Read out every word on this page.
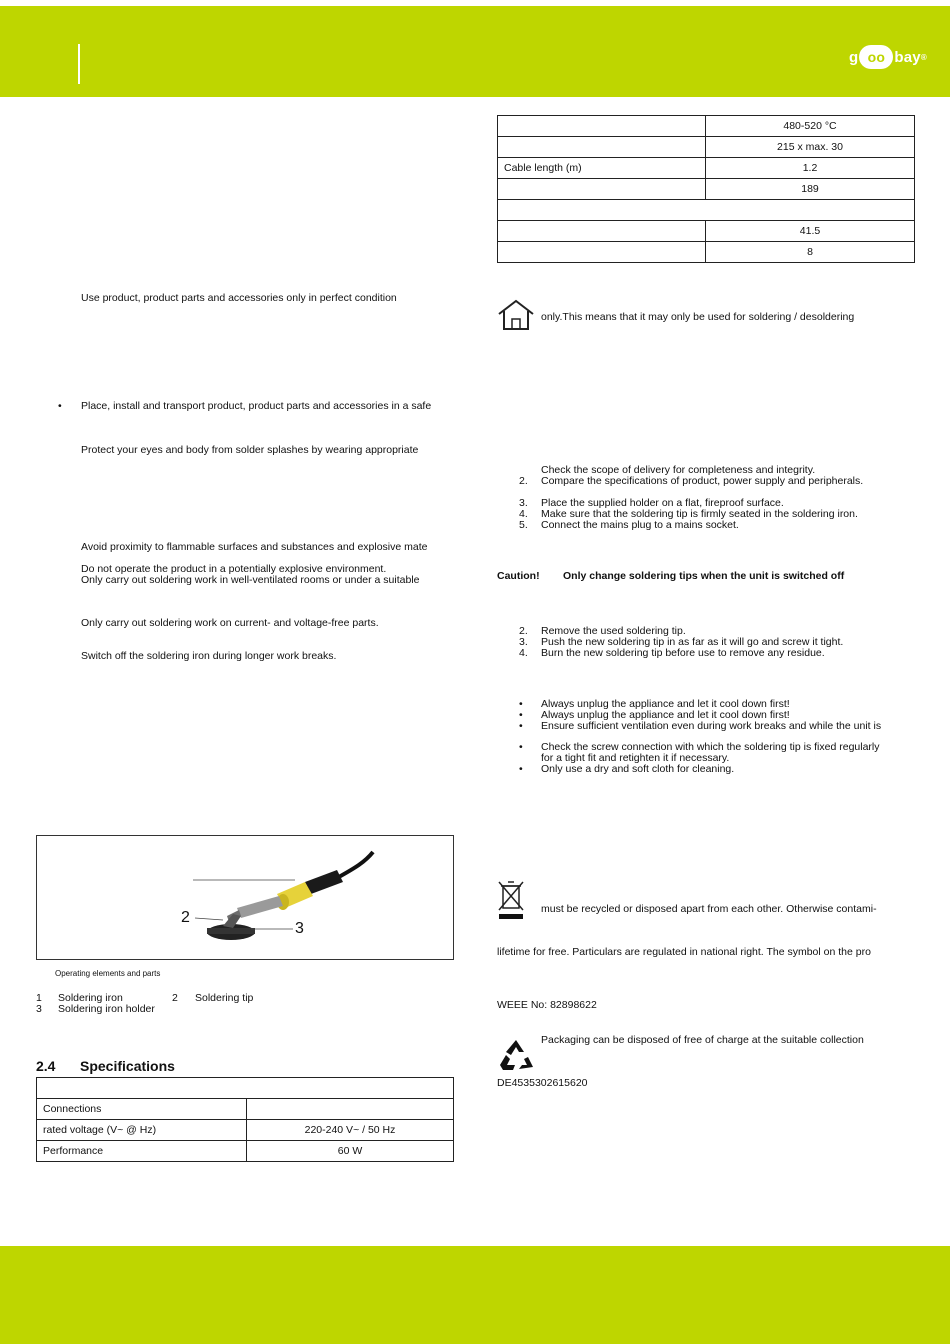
g oo bay ®
Use product, product parts and accessories only in perfect condition
• Place, install and transport product, product parts and accessories in a safe
Protect your eyes and body from solder splashes by wearing appropriate
Avoid proximity to flammable surfaces and substances and explosive mate
Do not operate the product in a potentially explosive environment.
Only carry out soldering work in well-ventilated rooms or under a suitable
Only carry out soldering work on current- and voltage-free parts.
Switch off the soldering iron during longer work breaks.
2
3
Operating elements and parts
1 Soldering iron	2 Soldering tip
3 Soldering iron holder
2.4 Specifications

Connections	
rated voltage (V~ @ Hz)	220-240 V~ / 50 Hz
Performance	60 W
	480-520 °C
	215 x max. 30
Cable length (m)	1.2
	189

	41.5
	8
only.This means that it may only be used for soldering / desoldering
Check the scope of delivery for completeness and integrity.
2. Compare the specifications of product, power supply and peripherals.
3. Place the supplied holder on a flat, fireproof surface.
4. Make sure that the soldering tip is firmly seated in the soldering iron.
5. Connect the mains plug to a mains socket.
Caution! Only change soldering tips when the unit is switched off
2. Remove the used soldering tip.
3. Push the new soldering tip in as far as it will go and screw it tight.
4. Burn the new soldering tip before use to remove any residue.
• Always unplug the appliance and let it cool down first!
• Always unplug the appliance and let it cool down first!
• Ensure sufficient ventilation even during work breaks and while the unit is
• Check the screw connection with which the soldering tip is fixed regularly
for a tight fit and retighten it if necessary.
• Only use a dry and soft cloth for cleaning.
must be recycled or disposed apart from each other. Otherwise contami-
lifetime for free. Particulars are regulated in national right. The symbol on the pro
WEEE No: 82898622
Packaging can be disposed of free of charge at the suitable collection
DE4535302615620
